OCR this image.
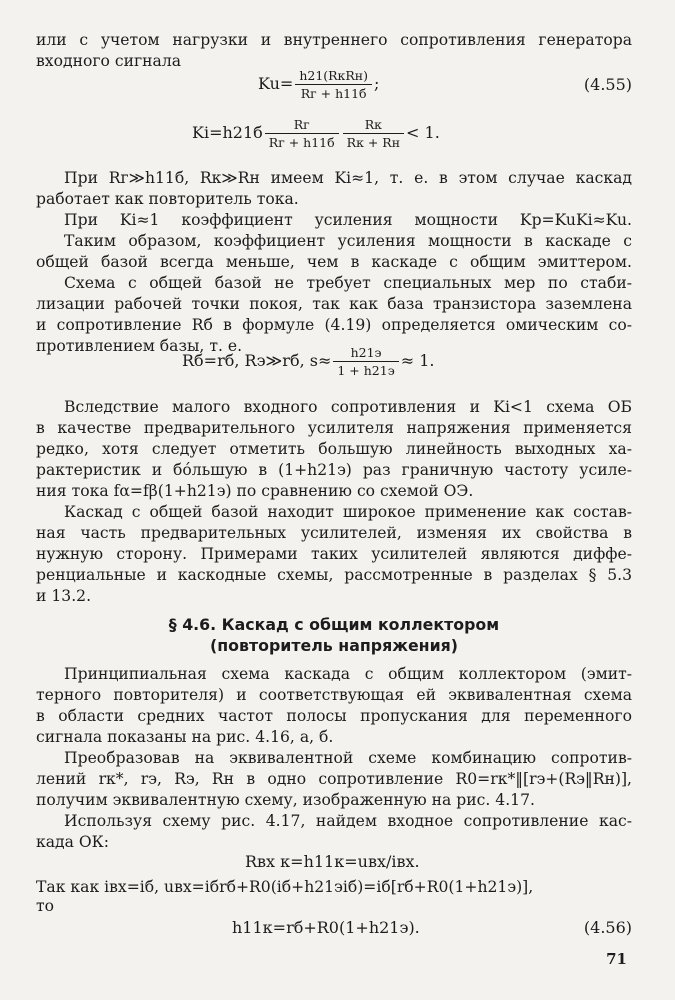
или с учетом нагрузки и внутреннего сопротивления генератора
входного сигнала
Ku= h21(RкRн)
Rг + h11б
;	(4.55)
Ki=h21б	Rг
Rг + h11б
Rк
Rк + Rн
< 1.
При Rг≫h11б, Rк≫Rн имеем Ki≈1, т. е. в этом случае каскад
работает как повторитель тока.
При Ki≈1 коэффициент усиления мощности Kp=KuKi≈Ku.
Таким образом, коэффициент усиления мощности в каскаде с
общей базой всегда меньше, чем в каскаде с общим эмиттером.
Схема с общей базой не требует специальных мер по стаби-
лизации рабочей точки покоя, так как база транзистора заземлена
и сопротивление Rб в формуле (4.19) определяется омическим со-
противлением базы, т. е.
Rб=rб, Rэ≫rб, s≈	h21э
1 + h21э
≈ 1.
Вследствие малого входного сопротивления и Ki<1 схема ОБ
в качестве предварительного усилителя напряжения применяется
редко, хотя следует отметить большую линейность выходных ха-
рактеристик и бо́льшую в (1+h21э) раз граничную частоту усиле-
ния тока fα=fβ(1+h21э) по сравнению со схемой ОЭ.
Каскад с общей базой находит широкое применение как состав-
ная часть предварительных усилителей, изменяя их свойства в
нужную сторону. Примерами таких усилителей являются диффе-
ренциальные и каскодные схемы, рассмотренные в разделах § 5.3
и 13.2.
§ 4.6. Каскад с общим коллектором
(повторитель напряжения)
Принципиальная схема каскада с общим коллектором (эмит-
терного повторителя) и соответствующая ей эквивалентная схема
в области средних частот полосы пропускания для переменного
сигнала показаны на рис. 4.16, а, б.
Преобразовав на эквивалентной схеме комбинацию сопротив-
лений rк*, rэ, Rэ, Rн в одно сопротивление R0=rк*‖[rэ+(Rэ‖Rн)],
получим эквивалентную схему, изображенную на рис. 4.17.
Используя схему рис. 4.17, найдем входное сопротивление кас-
када ОК:
Rвх к=h11к=uвх/iвх.
Так как iвх=iб, uвх=iбrб+R0(iб+h21эiб)=iб[rб+R0(1+h21э)],
то
h11к=rб+R0(1+h21э).	(4.56)
71
